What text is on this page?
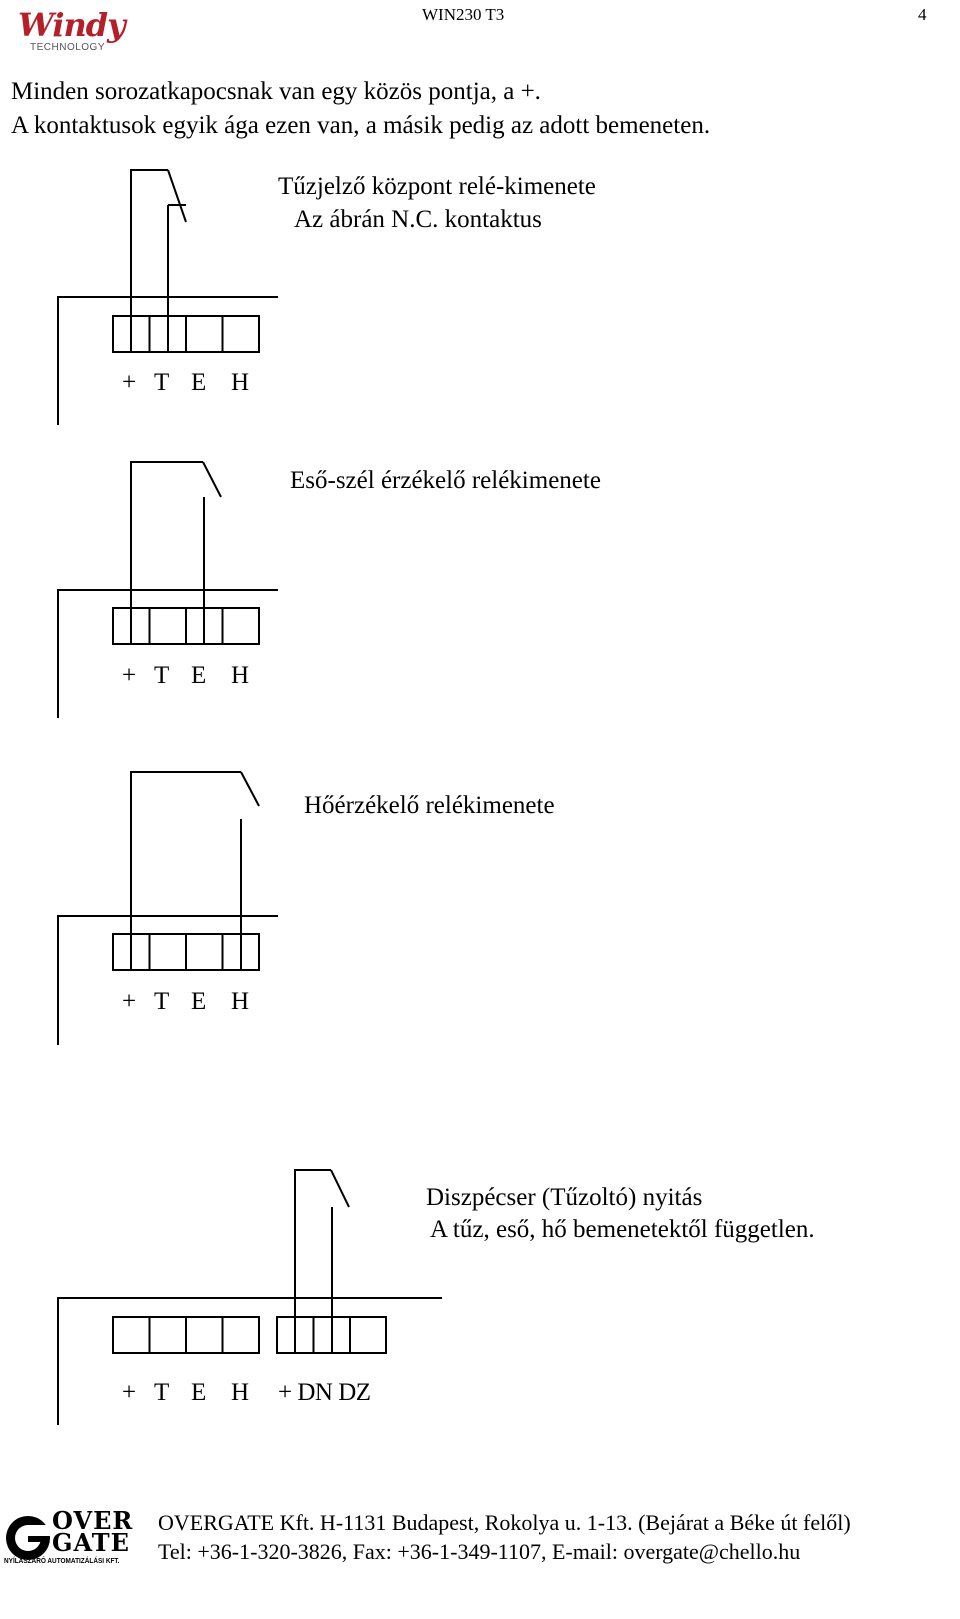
Windy
TECHNOLOGY
WIN230 T3	4
Minden sorozatkapocsnak van egy közös pontja, a +.
A kontaktusok egyik ága ezen van, a másik pedig az adott bemeneten.
Tűzjelző központ relé-kimenete
Az ábrán N.C. kontaktus
+ T E H
Eső-szél érzékelő relékimenete
+ T E H
Hőérzékelő relékimenete
+ T E H
Diszpécser (Tűzoltó) nyitás
A tűz, eső, hő bemenetektől független.
+ T E H + DN DZ
OVER
GATE
NYÍLÁSZÁRÓ AUTOMATIZÁLÁSI KFT.
OVERGATE Kft. H-1131 Budapest, Rokolya u. 1-13. (Bejárat a Béke út felől)
Tel: +36-1-320-3826, Fax: +36-1-349-1107, E-mail: overgate@chello.hu
